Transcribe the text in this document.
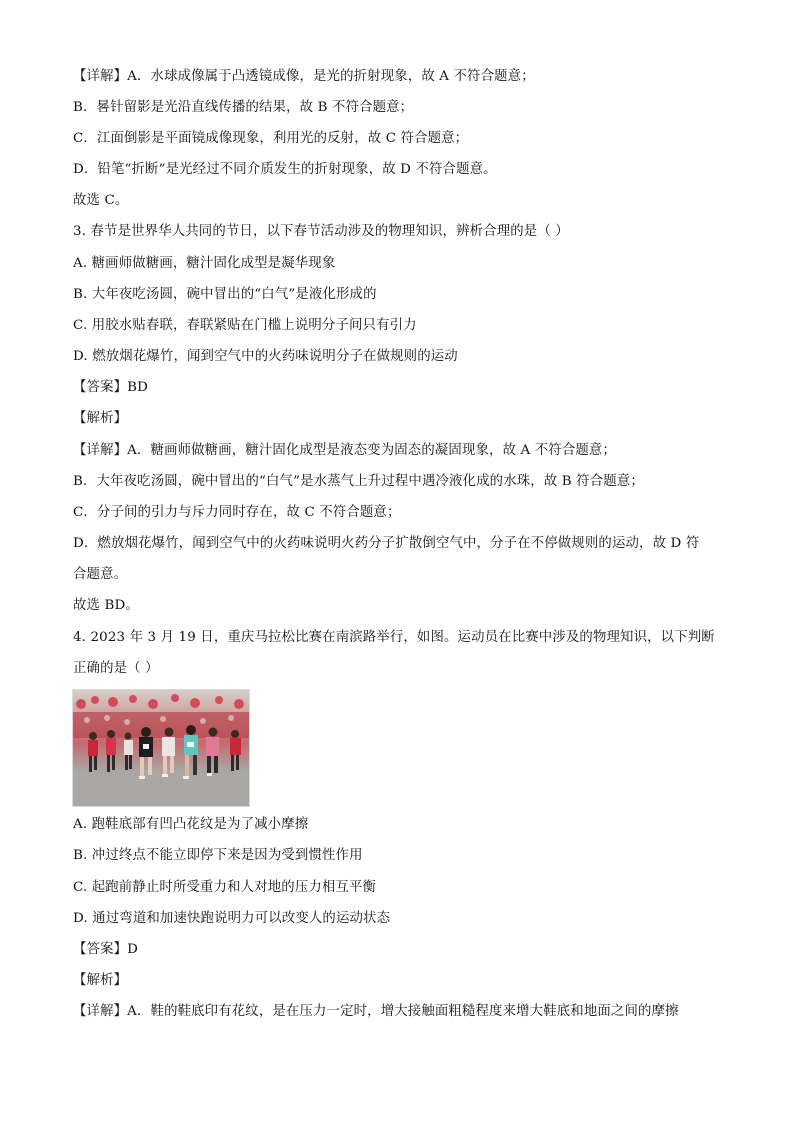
【详解】A．水球成像属于凸透镜成像，是光的折射现象，故 A 不符合题意；
B．晷针留影是光沿直线传播的结果，故 B 不符合题意；
C．江面倒影是平面镜成像现象，利用光的反射，故 C 符合题意；
D．铅笔“折断”是光经过不同介质发生的折射现象，故 D 不符合题意。
故选 C。
3. 春节是世界华人共同的节日，以下春节活动涉及的物理知识，辨析合理的是（ ）
A. 糖画师做糖画，糖汁固化成型是凝华现象
B. 大年夜吃汤圆，碗中冒出的“白气”是液化形成的
C. 用胶水贴春联，春联紧贴在门槛上说明分子间只有引力
D. 燃放烟花爆竹，闻到空气中的火药味说明分子在做规则的运动
【答案】BD
【解析】
【详解】A．糖画师做糖画，糖汁固化成型是液态变为固态的凝固现象，故 A 不符合题意；
B．大年夜吃汤圆，碗中冒出的“白气”是水蒸气上升过程中遇冷液化成的水珠，故 B 符合题意；
C．分子间的引力与斥力同时存在，故 C 不符合题意；
D．燃放烟花爆竹，闻到空气中的火药味说明火药分子扩散倒空气中，分子在不停做规则的运动，故 D 符
合题意。
故选 BD。
4. 2023 年 3 月 19 日，重庆马拉松比赛在南滨路举行，如图。运动员在比赛中涉及的物理知识，以下判断
正确的是（ ）
A. 跑鞋底部有凹凸花纹是为了减小摩擦
B. 冲过终点不能立即停下来是因为受到惯性作用
C. 起跑前静止时所受重力和人对地的压力相互平衡
D. 通过弯道和加速快跑说明力可以改变人的运动状态
【答案】D
【解析】
【详解】A．鞋的鞋底印有花纹，是在压力一定时，增大接触面粗糙程度来增大鞋底和地面之间的摩擦
